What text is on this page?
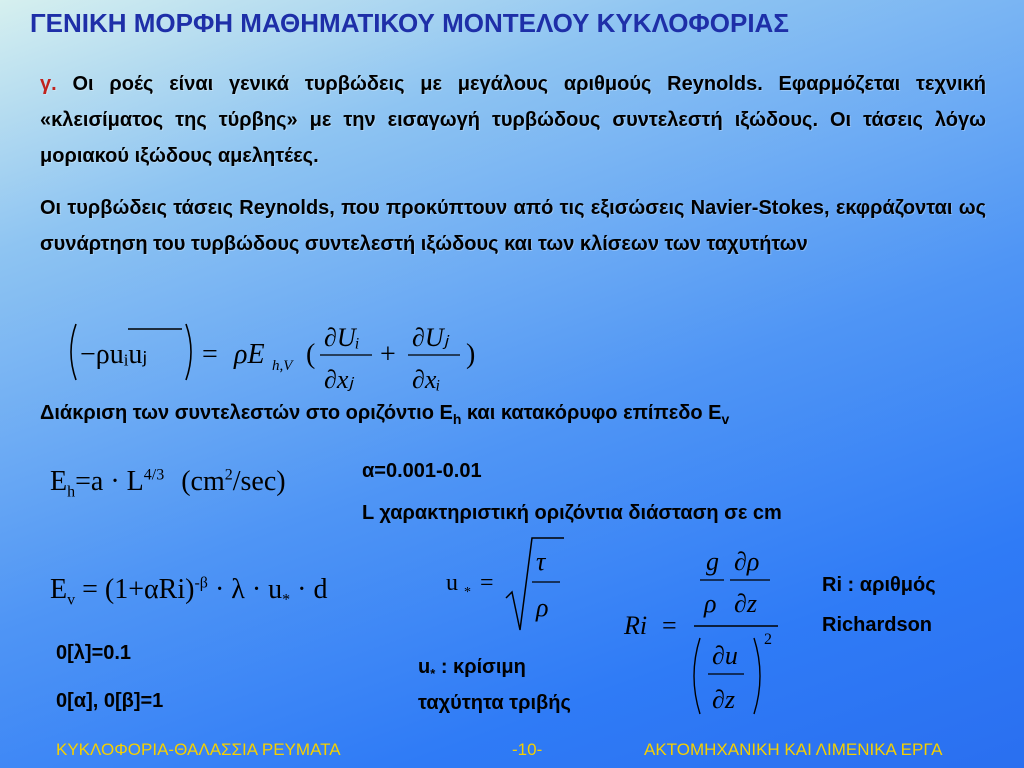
ΓΕΝΙΚΗ ΜΟΡΦΗ ΜΑΘΗΜΑΤΙΚΟΥ ΜΟΝΤΕΛΟΥ ΚΥΚΛΟΦΟΡΙΑΣ
γ. Οι ροές είναι γενικά τυρβώδεις με μεγάλους αριθμούς Reynolds. Εφαρμόζεται τεχνική «κλεισίματος της τύρβης» με την εισαγωγή τυρβώδους συντελεστή ιξώδους. Οι τάσεις λόγω μοριακού ιξώδους αμελητέες.
Οι τυρβώδεις τάσεις Reynolds, που προκύπτουν από τις εξισώσεις Navier-Stokes, εκφράζονται ως συνάρτηση του τυρβώδους συντελεστή ιξώδους και των κλίσεων των ταχυτήτων
−ρuᵢuⱼ = ρE h,V (
∂Uᵢ
∂xⱼ
+
∂Uⱼ
∂xᵢ
)
Διάκριση των συντελεστών στο οριζόντιο $E_h$ και κατακόρυφο επίπεδο $E_v$
$E_h=a \cdot L^{4/3}$ $(cm^2/\sec)$	α=0.001-0.01
L χαρακτηριστική οριζόντια διάσταση σε cm
$E_v = (1+\alpha Ri)^{-\beta} \cdot \lambda \cdot u_* \cdot d$	u * =
τ
ρ
Ri =
g
ρ
∂ρ
∂z
∂u
∂z
2
Ri : αριθμός
Richardson
0[λ]=0.1
0[α], 0[β]=1
$u_*$ : κρίσιμη
ταχύτητα τριβής
ΚΥΚΛΟΦΟΡΙΑ-ΘΑΛΑΣΣΙΑ ΡΕΥΜΑΤΑ	-10-	ΑΚΤΟΜΗΧΑΝΙΚΗ ΚΑΙ ΛΙΜΕΝΙΚΑ ΕΡΓΑ
